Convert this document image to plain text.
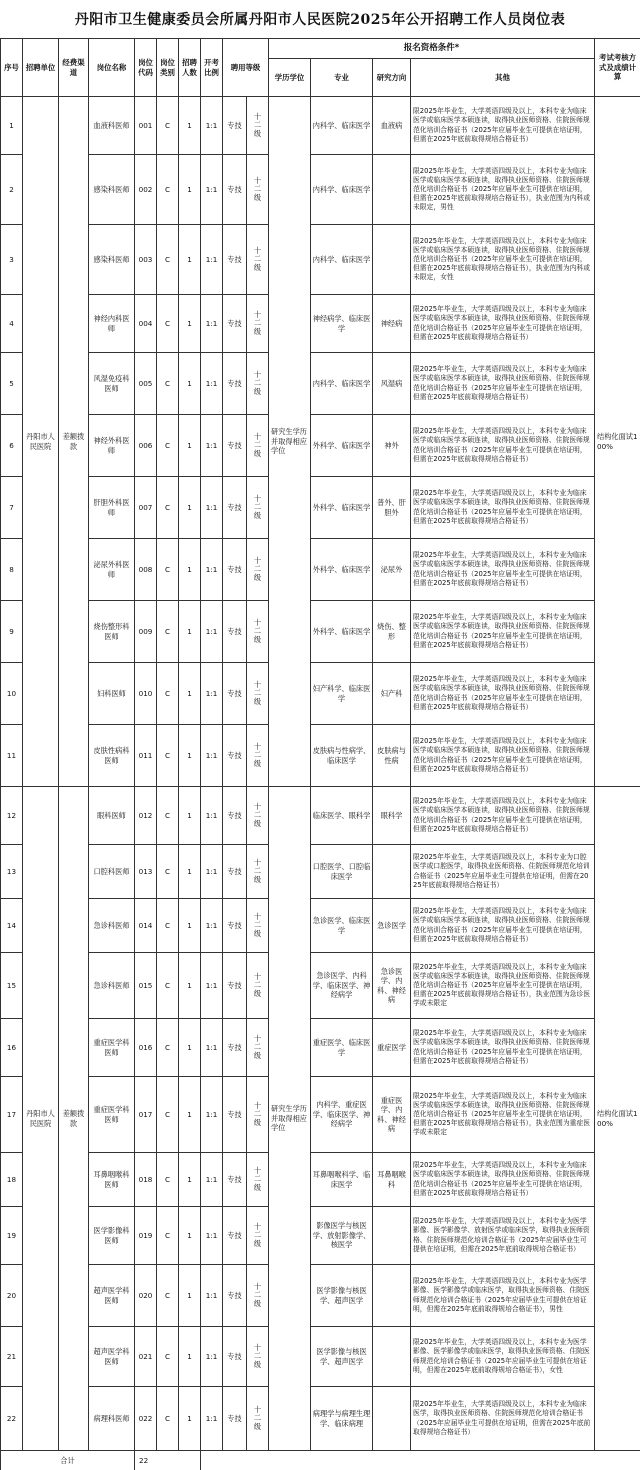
丹阳市卫生健康委员会所属丹阳市人民医院2025年公开招聘工作人员岗位表
序号	招聘单位	经费渠道	岗位名称	岗位代码	岗位类别	招聘人数	开考比例	聘用等级		报名资格条件*				考试考核方式及成绩计算
										学历学位	专业	研究方向	其他	
1	丹阳市人民医院	差额拨款	血液科医师	001	C	1	1:1	专技	十二级	研究生学历并取得相应学位	内科学、临床医学	血液病	限2025年毕业生，大学英语四级及以上，本科专业为临床医学或临床医学本硕连读，取得执业医师资格、住院医师规范化培训合格证书（2025年应届毕业生可提供在培证明，但需在2025年底前取得规培合格证书）	结构化面试100%
2			感染科医师	002	C	1	1:1	专技	十二级		内科学、临床医学		限2025年毕业生，大学英语四级及以上，本科专业为临床医学或临床医学本硕连读，取得执业医师资格、住院医师规范化培训合格证书（2025年应届毕业生可提供在培证明，但需在2025年底前取得规培合格证书），执业范围为内科或未限定，男性	
3			感染科医师	003	C	1	1:1	专技	十二级		内科学、临床医学		限2025年毕业生，大学英语四级及以上，本科专业为临床医学或临床医学本硕连读，取得执业医师资格、住院医师规范化培训合格证书（2025年应届毕业生可提供在培证明，但需在2025年底前取得规培合格证书），执业范围为内科或未限定，女性	
4			神经内科医师	004	C	1	1:1	专技	十二级		神经病学、临床医学	神经病	限2025年毕业生，大学英语四级及以上，本科专业为临床医学或临床医学本硕连读，取得执业医师资格、住院医师规范化培训合格证书（2025年应届毕业生可提供在培证明，但需在2025年底前取得规培合格证书）	
5			风湿免疫科医师	005	C	1	1:1	专技	十二级		内科学、临床医学	风湿病	限2025年毕业生，大学英语四级及以上，本科专业为临床医学或临床医学本硕连读，取得执业医师资格、住院医师规范化培训合格证书（2025年应届毕业生可提供在培证明，但需在2025年底前取得规培合格证书）	
6			神经外科医师	006	C	1	1:1	专技	十二级		外科学、临床医学	神外	限2025年毕业生，大学英语四级及以上，本科专业为临床医学或临床医学本硕连读，取得执业医师资格、住院医师规范化培训合格证书（2025年应届毕业生可提供在培证明，但需在2025年底前取得规培合格证书）	
7			肝胆外科医师	007	C	1	1:1	专技	十二级		外科学、临床医学	普外、肝胆外	限2025年毕业生，大学英语四级及以上，本科专业为临床医学或临床医学本硕连读，取得执业医师资格、住院医师规范化培训合格证书（2025年应届毕业生可提供在培证明，但需在2025年底前取得规培合格证书）	
8			泌尿外科医师	008	C	1	1:1	专技	十二级		外科学、临床医学	泌尿外	限2025年毕业生，大学英语四级及以上，本科专业为临床医学或临床医学本硕连读，取得执业医师资格、住院医师规范化培训合格证书（2025年应届毕业生可提供在培证明，但需在2025年底前取得规培合格证书）	
9			烧伤整形科医师	009	C	1	1:1	专技	十二级		外科学、临床医学	烧伤、整形	限2025年毕业生，大学英语四级及以上，本科专业为临床医学或临床医学本硕连读，取得执业医师资格、住院医师规范化培训合格证书（2025年应届毕业生可提供在培证明，但需在2025年底前取得规培合格证书）	
10			妇科医师	010	C	1	1:1	专技	十二级		妇产科学、临床医学	妇产科	限2025年毕业生，大学英语四级及以上，本科专业为临床医学或临床医学本硕连读，取得执业医师资格、住院医师规范化培训合格证书（2025年应届毕业生可提供在培证明，但需在2025年底前取得规培合格证书）	
11			皮肤性病科医师	011	C	1	1:1	专技	十二级		皮肤病与性病学、临床医学	皮肤病与性病	限2025年毕业生，大学英语四级及以上，本科专业为临床医学或临床医学本硕连读，取得执业医师资格、住院医师规范化培训合格证书（2025年应届毕业生可提供在培证明，但需在2025年底前取得规培合格证书）	
12	丹阳市人民医院	差额拨款	眼科医师	012	C	1	1:1	专技	十二级	研究生学历并取得相应学位	临床医学、眼科学	眼科学	限2025年毕业生，大学英语四级及以上，本科专业为临床医学或临床医学本硕连读，取得执业医师资格、住院医师规范化培训合格证书（2025年应届毕业生可提供在培证明，但需在2025年底前取得规培合格证书）	结构化面试100%
13			口腔科医师	013	C	1	1:1	专技	十二级		口腔医学、口腔临床医学		限2025年毕业生，大学英语四级及以上，本科专业为口腔医学或口腔医学，取得执业医师资格、住院医师规范化培训合格证书（2025年应届毕业生可提供在培证明，但需在2025年底前取得规培合格证书）	
14			急诊科医师	014	C	1	1:1	专技	十二级		急诊医学、临床医学	急诊医学	限2025年毕业生，大学英语四级及以上，本科专业为临床医学或临床医学本硕连读，取得执业医师资格、住院医师规范化培训合格证书（2025年应届毕业生可提供在培证明，但需在2025年底前取得规培合格证书）	
15			急诊科医师	015	C	1	1:1	专技	十二级		急诊医学、内科学、临床医学、神经病学	急诊医学、内科、神经病	限2025年毕业生，大学英语四级及以上，本科专业为临床医学或临床医学本硕连读，取得执业医师资格、住院医师规范化培训合格证书（2025年应届毕业生可提供在培证明，但需在2025年底前取得规培合格证书），执业范围为急诊医学或未限定	
16			重症医学科医师	016	C	1	1:1	专技	十二级		重症医学、临床医学	重症医学	限2025年毕业生，大学英语四级及以上，本科专业为临床医学或临床医学本硕连读，取得执业医师资格、住院医师规范化培训合格证书（2025年应届毕业生可提供在培证明，但需在2025年底前取得规培合格证书）	
17			重症医学科医师	017	C	1	1:1	专技	十二级		内科学、重症医学、临床医学、神经病学	重症医学、内科、神经病	限2025年毕业生，大学英语四级及以上，本科专业为临床医学或临床医学本硕连读，取得执业医师资格、住院医师规范化培训合格证书（2025年应届毕业生可提供在培证明，但需在2025年底前取得规培合格证书），执业范围为重症医学或未限定	
18			耳鼻咽喉科医师	018	C	1	1:1	专技	十二级		耳鼻咽喉科学、临床医学	耳鼻咽喉科	限2025年毕业生，大学英语四级及以上，本科专业为临床医学或临床医学本硕连读，取得执业医师资格、住院医师规范化培训合格证书（2025年应届毕业生可提供在培证明，但需在2025年底前取得规培合格证书）	
19			医学影像科医师	019	C	1	1:1	专技	十二级		影像医学与核医学、放射影像学、核医学		限2025年毕业生，大学英语四级及以上，本科专业为医学影像、医学影像学、放射医学或临床医学，取得执业医师资格、住院医师规范化培训合格证书（2025年应届毕业生可提供在培证明，但需在2025年底前取得规培合格证书）	
20			超声医学科医师	020	C	1	1:1	专技	十二级		医学影像与核医学、超声医学		限2025年毕业生，大学英语四级及以上，本科专业为医学影像、医学影像学或临床医学，取得执业医师资格、住院医师规范化培训合格证书（2025年应届毕业生可提供在培证明，但需在2025年底前取得规培合格证书），男性	
21			超声医学科医师	021	C	1	1:1	专技	十二级		医学影像与核医学、超声医学		限2025年毕业生，大学英语四级及以上，本科专业为医学影像、医学影像学或临床医学，取得执业医师资格、住院医师规范化培训合格证书（2025年应届毕业生可提供在培证明，但需在2025年底前取得规培合格证书），女性	
22			病理科医师	022	C	1	1:1	专技	十二级		病理学与病理生理学、临床病理		限2025年毕业生，大学英语四级及以上，本科专业为临床医学，取得执业医师资格、住院医师规范化培训合格证书（2025年应届毕业生可提供在培证明，但需在2025年底前取得规培合格证书）	
合计				22										
